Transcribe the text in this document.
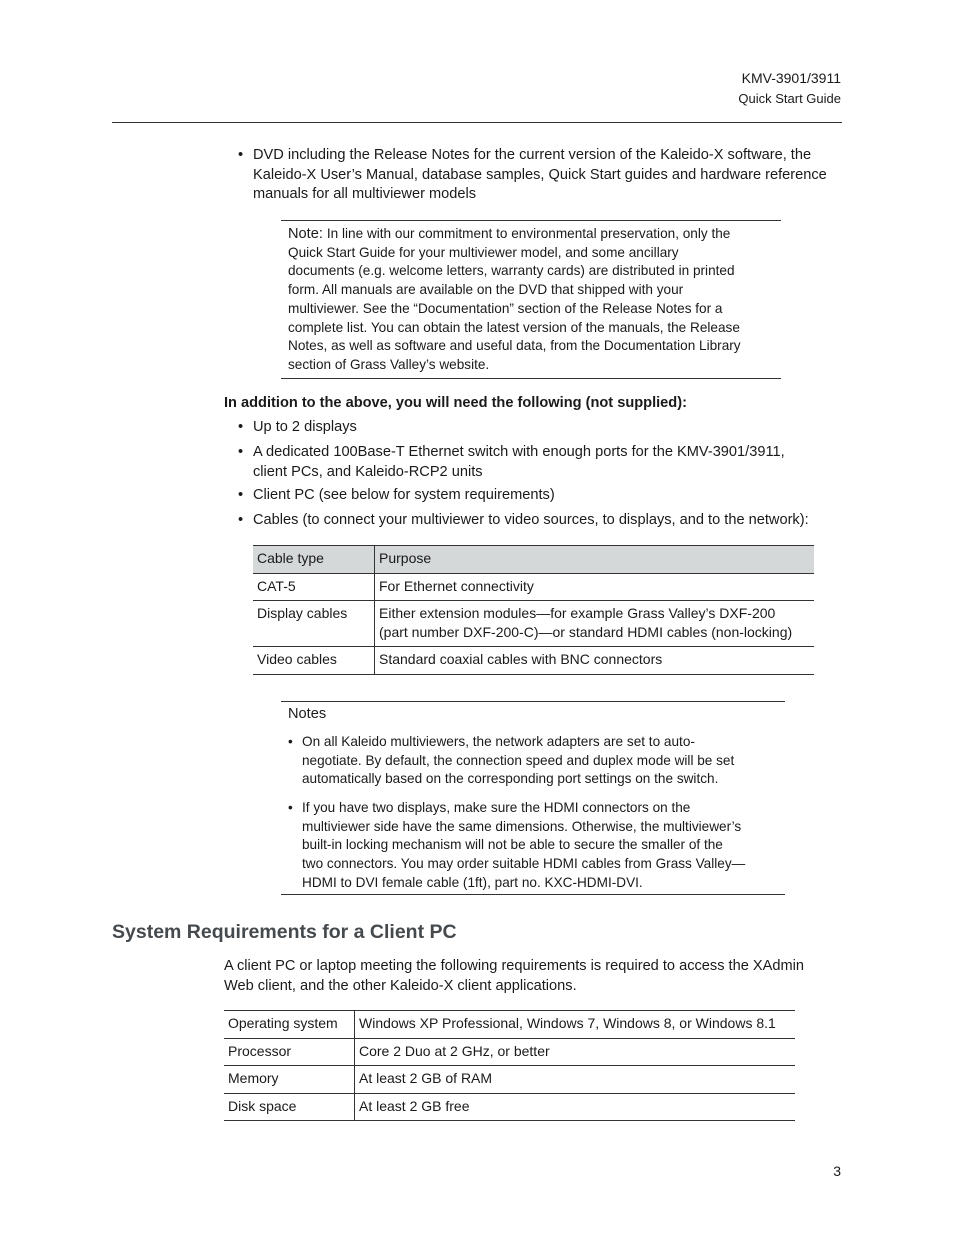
KMV-3901/3911
Quick Start Guide
• DVD including the Release Notes for the current version of the Kaleido-X software, the
Kaleido-X User’s Manual, database samples, Quick Start guides and hardware reference
manuals for all multiviewer models
Note: In line with our commitment to environmental preservation, only the
Quick Start Guide for your multiviewer model, and some ancillary
documents (e.g. welcome letters, warranty cards) are distributed in printed
form. All manuals are available on the DVD that shipped with your
multiviewer. See the “Documentation” section of the Release Notes for a
complete list. You can obtain the latest version of the manuals, the Release
Notes, as well as software and useful data, from the Documentation Library
section of Grass Valley’s website.
In addition to the above, you will need the following (not supplied):
• Up to 2 displays
• A dedicated 100Base-T Ethernet switch with enough ports for the KMV-3901/3911,
client PCs, and Kaleido-RCP2 units
• Client PC (see below for system requirements)
• Cables (to connect your multiviewer to video sources, to displays, and to the network):
Cable type	Purpose
CAT-5	For Ethernet connectivity
Display cables	Either extension modules—for example Grass Valley’s DXF-200
(part number DXF-200-C)—or standard HDMI cables (non-locking)

Video cables	Standard coaxial cables with BNC connectors
Notes
• On all Kaleido multiviewers, the network adapters are set to auto-
negotiate. By default, the connection speed and duplex mode will be set
automatically based on the corresponding port settings on the switch.
• If you have two displays, make sure the HDMI connectors on the
multiviewer side have the same dimensions. Otherwise, the multiviewer’s
built-in locking mechanism will not be able to secure the smaller of the
two connectors. You may order suitable HDMI cables from Grass Valley—
HDMI to DVI female cable (1ft), part no. KXC-HDMI-DVI.
System Requirements for a Client PC
A client PC or laptop meeting the following requirements is required to access the XAdmin
Web client, and the other Kaleido-X client applications.
Operating system	Windows XP Professional, Windows 7, Windows 8, or Windows 8.1
Processor	Core 2 Duo at 2 GHz, or better
Memory	At least 2 GB of RAM
Disk space	At least 2 GB free
3
